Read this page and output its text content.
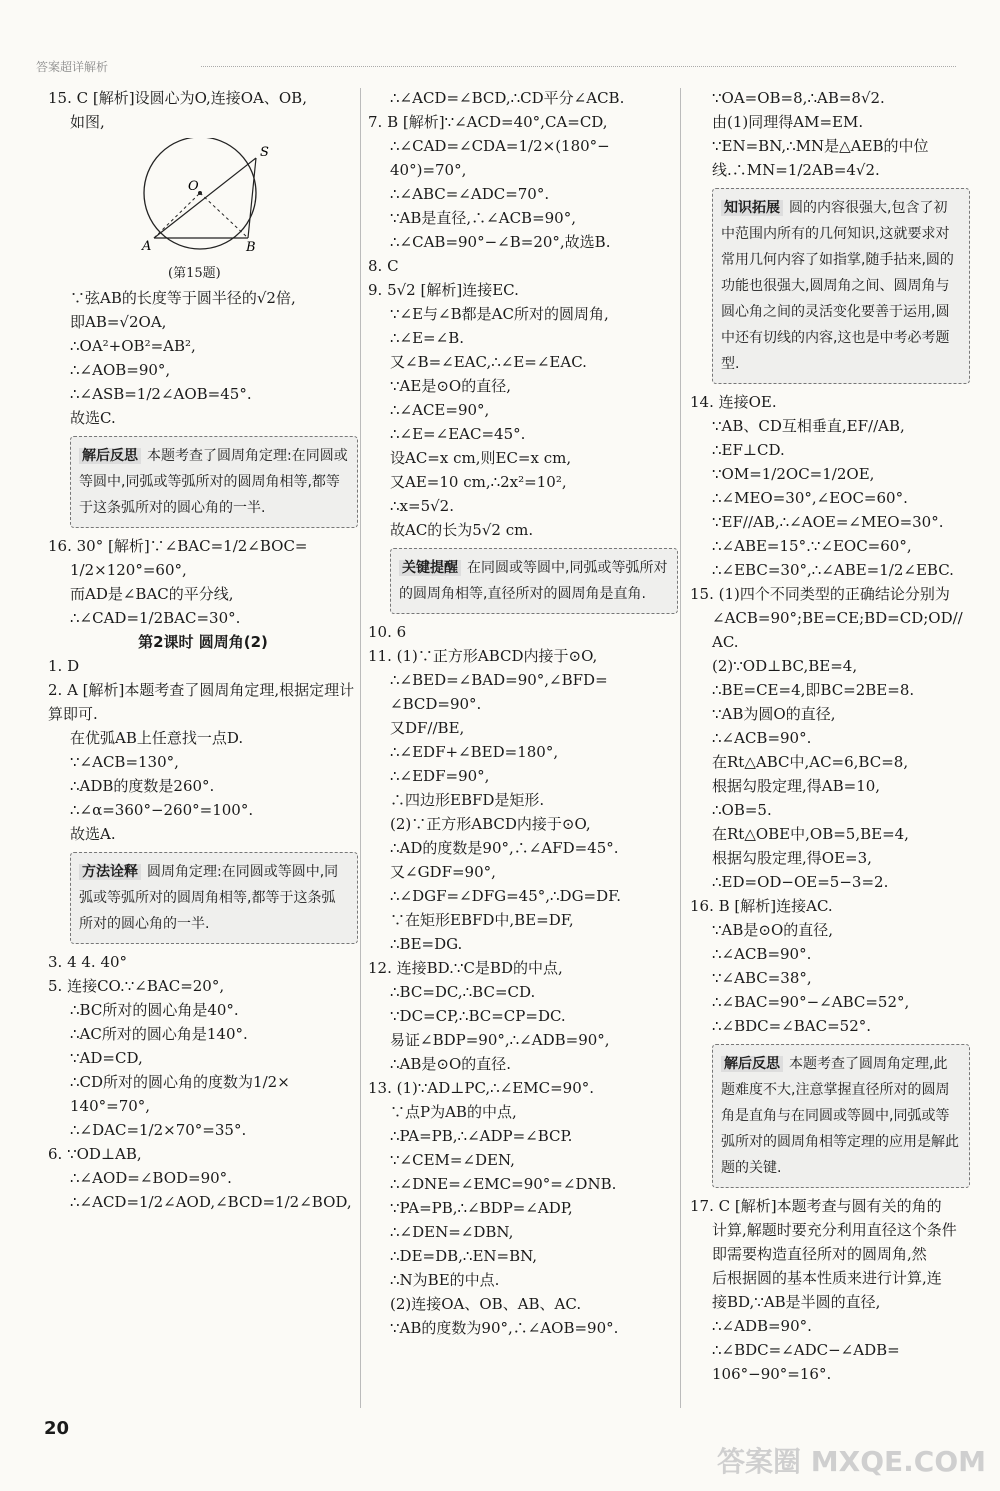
答案超详解析
15. C [解析]设圆心为O,连接OA、OB,
如图,
O
S
A	B
(第15题)
∵弦AB的长度等于圆半径的√2倍,
即AB=√2OA,
∴OA²+OB²=AB²,
∴∠AOB=90°,
∴∠ASB=1/2∠AOB=45°.
故选C.
解后反思 本题考查了圆周角定理:在同圆或等圆中,同弧或等弧所对的圆周角相等,都等于这条弧所对的圆心角的一半.
16. 30° [解析]∵∠BAC=1/2∠BOC=
1/2×120°=60°,
而AD是∠BAC的平分线,
∴∠CAD=1/2BAC=30°.
第2课时 圆周角(2)
1. D
2. A [解析]本题考查了圆周角定理,根据定理计算即可.
在优弧AB上任意找一点D.
∵∠ACB=130°,
∴ADB的度数是260°.
∴∠α=360°−260°=100°.
故选A.
方法诠释 圆周角定理:在同圆或等圆中,同弧或等弧所对的圆周角相等,都等于这条弧所对的圆心角的一半.
3. 4 4. 40°
5. 连接CO.∵∠BAC=20°,
∴BC所对的圆心角是40°.
∴AC所对的圆心角是140°.
∵AD=CD,
∴CD所对的圆心角的度数为1/2×
140°=70°,
∴∠DAC=1/2×70°=35°.
6. ∵OD⊥AB,
∴∠AOD=∠BOD=90°.
∴∠ACD=1/2∠AOD,∠BCD=1/2∠BOD,
∴∠ACD=∠BCD,∴CD平分∠ACB.
7. B [解析]∵∠ACD=40°,CA=CD,
∴∠CAD=∠CDA=1/2×(180°−
40°)=70°,
∴∠ABC=∠ADC=70°.
∵AB是直径,∴∠ACB=90°,
∴∠CAB=90°−∠B=20°,故选B.
8. C
9. 5√2 [解析]连接EC.
∵∠E与∠B都是AC所对的圆周角,
∴∠E=∠B.
又∠B=∠EAC,∴∠E=∠EAC.
∵AE是⊙O的直径,
∴∠ACE=90°,
∴∠E=∠EAC=45°.
设AC=x cm,则EC=x cm,
又AE=10 cm,∴2x²=10²,
∴x=5√2.
故AC的长为5√2 cm.
关键提醒 在同圆或等圆中,同弧或等弧所对的圆周角相等,直径所对的圆周角是直角.
10. 6
11. (1)∵正方形ABCD内接于⊙O,
∴∠BED=∠BAD=90°,∠BFD=
∠BCD=90°.
又DF//BE,
∴∠EDF+∠BED=180°,
∴∠EDF=90°,
∴四边形EBFD是矩形.
(2)∵正方形ABCD内接于⊙O,
∴AD的度数是90°,∴∠AFD=45°.
又∠GDF=90°,
∴∠DGF=∠DFG=45°,∴DG=DF.
∵在矩形EBFD中,BE=DF,
∴BE=DG.
12. 连接BD.∵C是BD的中点,
∴BC=DC,∴BC=CD.
∵DC=CP,∴BC=CP=DC.
易证∠BDP=90°,∴∠ADB=90°,
∴AB是⊙O的直径.
13. (1)∵AD⊥PC,∴∠EMC=90°.
∵点P为AB的中点,
∴PA=PB,∴∠ADP=∠BCP.
∵∠CEM=∠DEN,
∴∠DNE=∠EMC=90°=∠DNB.
∵PA=PB,∴∠BDP=∠ADP,
∴∠DEN=∠DBN,
∴DE=DB,∴EN=BN,
∴N为BE的中点.
(2)连接OA、OB、AB、AC.
∵AB的度数为90°,∴∠AOB=90°.
∵OA=OB=8,∴AB=8√2.
由(1)同理得AM=EM.
∵EN=BN,∴MN是△AEB的中位
线.∴MN=1/2AB=4√2.
知识拓展 圆的内容很强大,包含了初中范围内所有的几何知识,这就要求对常用几何内容了如指掌,随手拈来,圆的功能也很强大,圆周角之间、圆周角与圆心角之间的灵活变化要善于运用,圆中还有切线的内容,这也是中考必考题型.
14. 连接OE.
∵AB、CD互相垂直,EF//AB,
∴EF⊥CD.
∵OM=1/2OC=1/2OE,
∴∠MEO=30°,∠EOC=60°.
∵EF//AB,∴∠AOE=∠MEO=30°.
∴∠ABE=15°.∵∠EOC=60°,
∴∠EBC=30°,∴∠ABE=1/2∠EBC.
15. (1)四个不同类型的正确结论分别为
∠ACB=90°;BE=CE;BD=CD;OD//
AC.
(2)∵OD⊥BC,BE=4,
∴BE=CE=4,即BC=2BE=8.
∵AB为圆O的直径,
∴∠ACB=90°.
在Rt△ABC中,AC=6,BC=8,
根据勾股定理,得AB=10,
∴OB=5.
在Rt△OBE中,OB=5,BE=4,
根据勾股定理,得OE=3,
∴ED=OD−OE=5−3=2.
16. B [解析]连接AC.
∵AB是⊙O的直径,
∴∠ACB=90°.
∵∠ABC=38°,
∴∠BAC=90°−∠ABC=52°,
∴∠BDC=∠BAC=52°.
解后反思 本题考查了圆周角定理,此题难度不大,注意掌握直径所对的圆周角是直角与在同圆或等圆中,同弧或等弧所对的圆周角相等定理的应用是解此题的关键.
17. C [解析]本题考查与圆有关的角的
计算,解题时要充分利用直径这个条件
即需要构造直径所对的圆周角,然
后根据圆的基本性质来进行计算,连
接BD,∵AB是半圆的直径,
∴∠ADB=90°.
∴∠BDC=∠ADC−∠ADB=
106°−90°=16°.
20
答案圈 MXQE.COM
